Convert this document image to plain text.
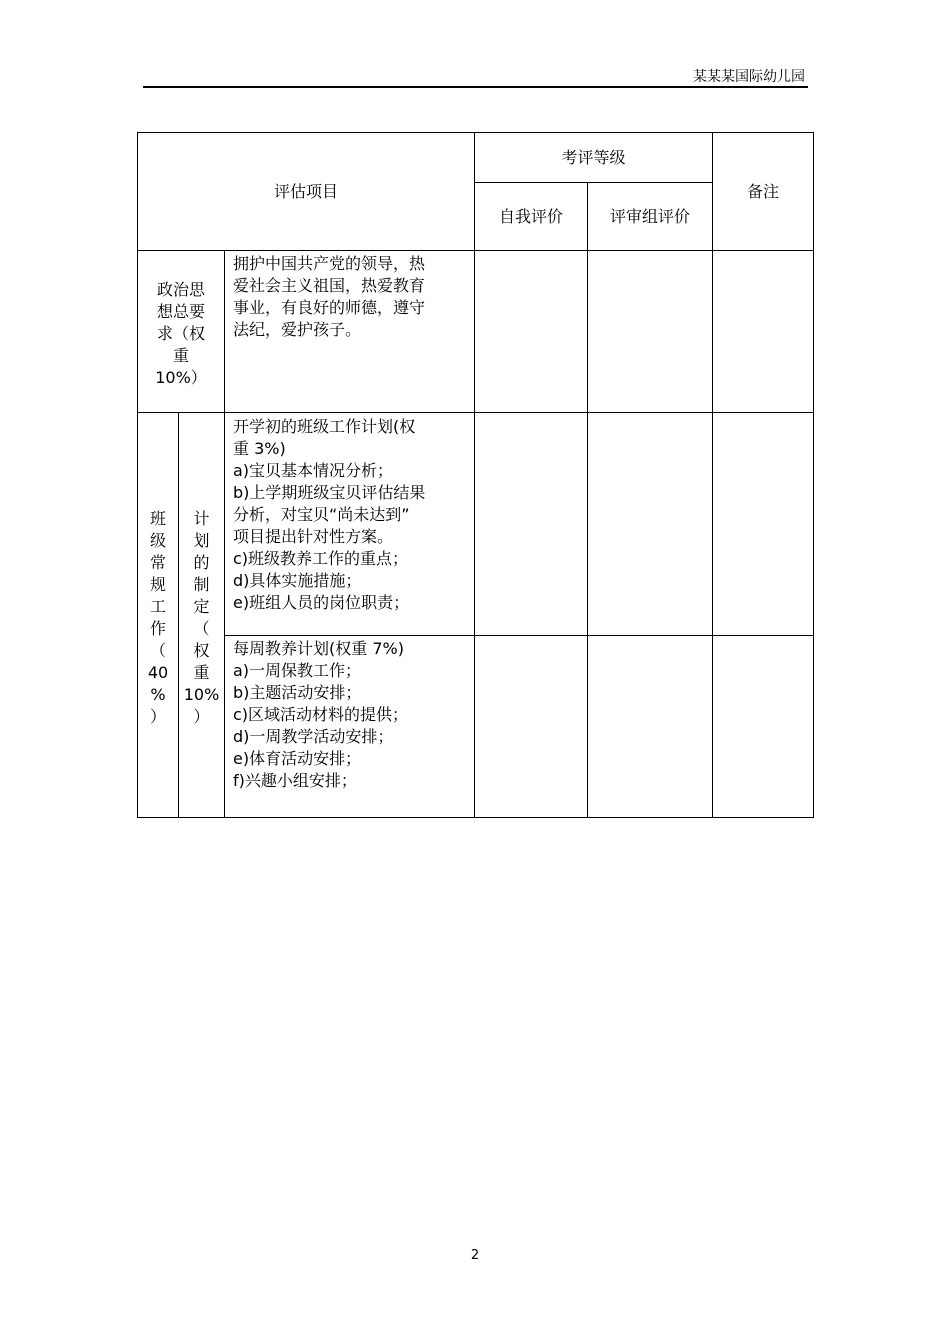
某某某国际幼儿园
评估项目
考评等级
自我评价	评审组评价
备注
政治思
想总要
求（权
重
10%）
拥护中国共产党的领导，热
爱社会主义祖国，热爱教育
事业，有良好的师德，遵守
法纪，爱护孩子。
班
级
常
规
工
作
（
40
%
）
计
划
的
制
定
（
权
重
10%
）
开学初的班级工作计划(权
重 3%)
a)宝贝基本情况分析；
b)上学期班级宝贝评估结果
分析，对宝贝“尚未达到”
项目提出针对性方案。
c)班级教养工作的重点；
d)具体实施措施；
e)班组人员的岗位职责；
每周教养计划(权重 7%)
a)一周保教工作；
b)主题活动安排；
c)区域活动材料的提供；
d)一周教学活动安排；
e)体育活动安排；
f)兴趣小组安排；
2
